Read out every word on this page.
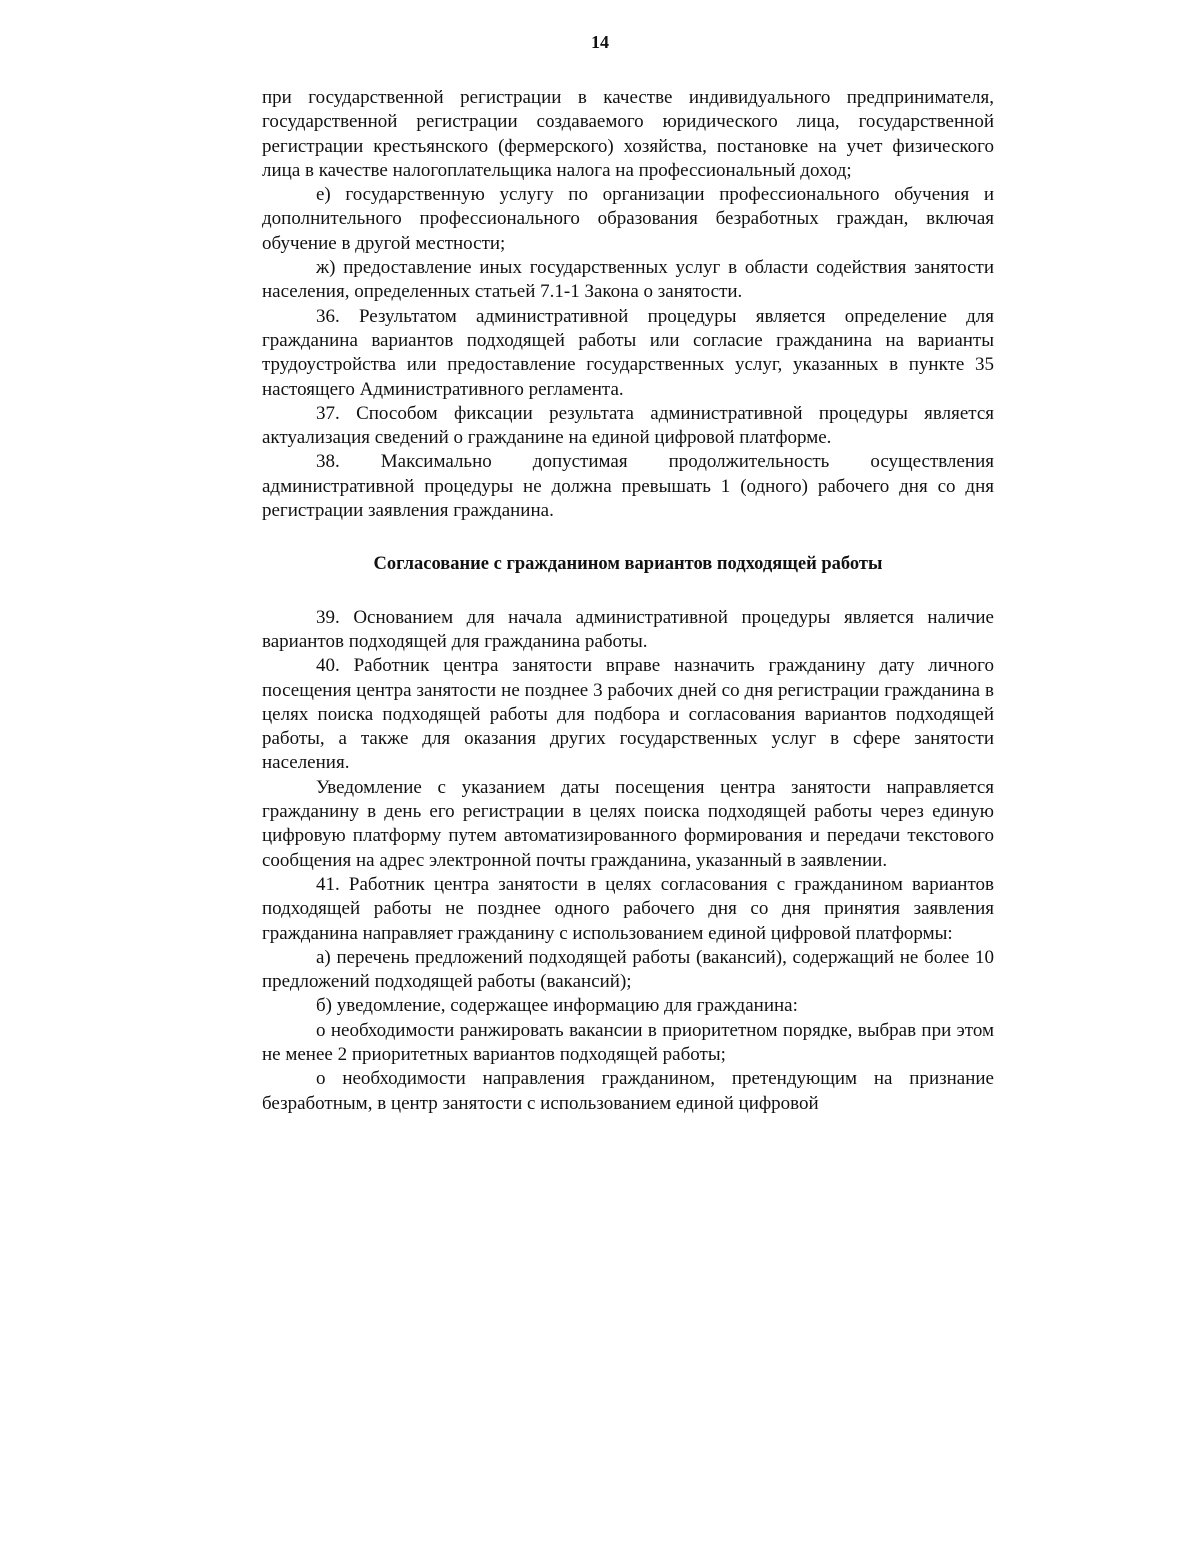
14

при государственной регистрации в качестве индивидуального предпринимателя, государственной регистрации создаваемого юридического лица, государственной регистрации крестьянского (фермерского) хозяйства, постановке на учет физического лица в качестве налогоплательщика налога на профессиональный доход;

е) государственную услугу по организации профессионального обучения и дополнительного профессионального образования безработных граждан, включая обучение в другой местности;

ж) предоставление иных государственных услуг в области содействия занятости населения, определенных статьей 7.1-1 Закона о занятости.

36. Результатом административной процедуры является определение для гражданина вариантов подходящей работы или согласие гражданина на варианты трудоустройства или предоставление государственных услуг, указанных в пункте 35 настоящего Административного регламента.

37. Способом фиксации результата административной процедуры является актуализация сведений о гражданине на единой цифровой платформе.

38. Максимально допустимая продолжительность осуществления административной процедуры не должна превышать 1 (одного) рабочего дня со дня регистрации заявления гражданина.

Согласование с гражданином вариантов подходящей работы

39. Основанием для начала административной процедуры является наличие вариантов подходящей для гражданина работы.

40. Работник центра занятости вправе назначить гражданину дату личного посещения центра занятости не позднее 3 рабочих дней со дня регистрации гражданина в целях поиска подходящей работы для подбора и согласования вариантов подходящей работы, а также для оказания других государственных услуг в сфере занятости населения.

Уведомление с указанием даты посещения центра занятости направляется гражданину в день его регистрации в целях поиска подходящей работы через единую цифровую платформу путем автоматизированного формирования и передачи текстового сообщения на адрес электронной почты гражданина, указанный в заявлении.

41. Работник центра занятости в целях согласования с гражданином вариантов подходящей работы не позднее одного рабочего дня со дня принятия заявления гражданина направляет гражданину с использованием единой цифровой платформы:

а) перечень предложений подходящей работы (вакансий), содержащий не более 10 предложений подходящей работы (вакансий);

б) уведомление, содержащее информацию для гражданина:

о необходимости ранжировать вакансии в приоритетном порядке, выбрав при этом не менее 2 приоритетных вариантов подходящей работы;

о необходимости направления гражданином, претендующим на признание безработным, в центр занятости с использованием единой цифровой
